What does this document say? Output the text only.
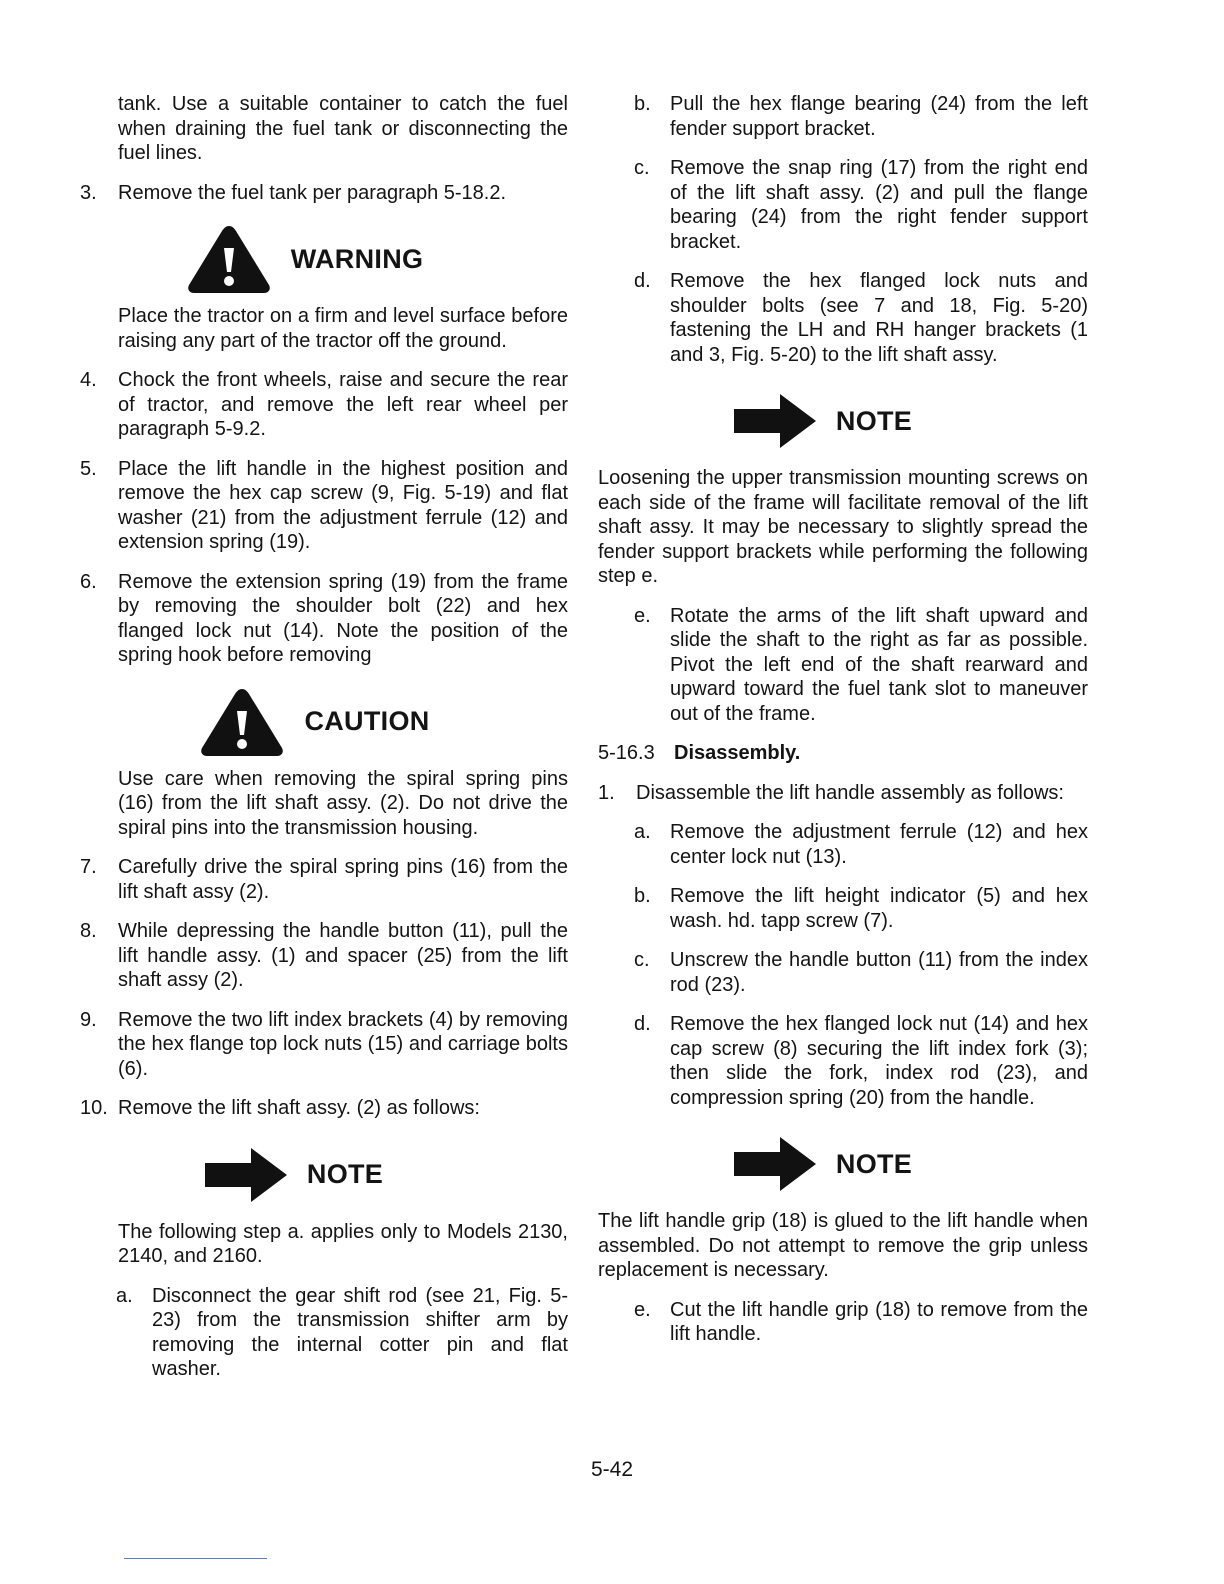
tank. Use a suitable container to catch the fuel when draining the fuel tank or disconnecting the fuel lines.

3.	Remove the fuel tank per paragraph 5-18.2.
WARNING

Place the tractor on a firm and level surface before raising any part of the tractor off the ground.

4.	Chock the front wheels, raise and secure the rear of tractor, and remove the left rear wheel per paragraph 5-9.2.
5.	Place the lift handle in the highest position and remove the hex cap screw (9, Fig. 5-19) and flat washer (21) from the adjustment ferrule (12) and extension spring (19).
6.	Remove the extension spring (19) from the frame by removing the shoulder bolt (22) and hex flanged lock nut (14). Note the position of the spring hook before removing
CAUTION

Use care when removing the spiral spring pins (16) from the lift shaft assy. (2). Do not drive the spiral pins into the transmission housing.

7.	Carefully drive the spiral spring pins (16) from the lift shaft assy (2).
8.	While depressing the handle button (11), pull the lift handle assy. (1) and spacer (25) from the lift shaft assy (2).
9.	Remove the two lift index brackets (4) by removing the hex flange top lock nuts (15) and carriage bolts (6).
10. Remove the lift shaft assy. (2) as follows:
NOTE

The following step a. applies only to Models 2130, 2140, and 2160.

a. Disconnect the gear shift rod (see 21, Fig. 5-23) from the transmission shifter arm by removing the internal cotter pin and flat washer.
b. Pull the hex flange bearing (24) from the left fender support bracket.
c.	Remove the snap ring (17) from the right end of the lift shaft assy. (2) and pull the flange bearing (24) from the right fender support bracket.
d. Remove the hex flanged lock nuts and shoulder bolts (see 7 and 18, Fig. 5-20) fastening the LH and RH hanger brackets (1 and 3, Fig. 5-20) to the lift shaft assy.
NOTE

Loosening the upper transmission mounting screws on each side of the frame will facilitate removal of the lift shaft assy. It may be necessary to slightly spread the fender support brackets while performing the following step e.

e. Rotate the arms of the lift shaft upward and slide the shaft to the right as far as possible. Pivot the left end of the shaft rearward and upward toward the fuel tank slot to maneuver out of the frame.
5-16.3 Disassembly.
1.	Disassemble the lift handle assembly as follows:
a. Remove the adjustment ferrule (12) and hex center lock nut (13).
b. Remove the lift height indicator (5) and hex wash. hd. tapp screw (7).
c.	Unscrew the handle button (11) from the index rod (23).
d. Remove the hex flanged lock nut (14) and hex cap screw (8) securing the lift index fork (3); then slide the fork, index rod (23), and compression spring (20) from the handle.
NOTE

The lift handle grip (18) is glued to the lift handle when assembled. Do not attempt to remove the grip unless replacement is necessary.

e. Cut the lift handle grip (18) to remove from the lift handle.
5-42
